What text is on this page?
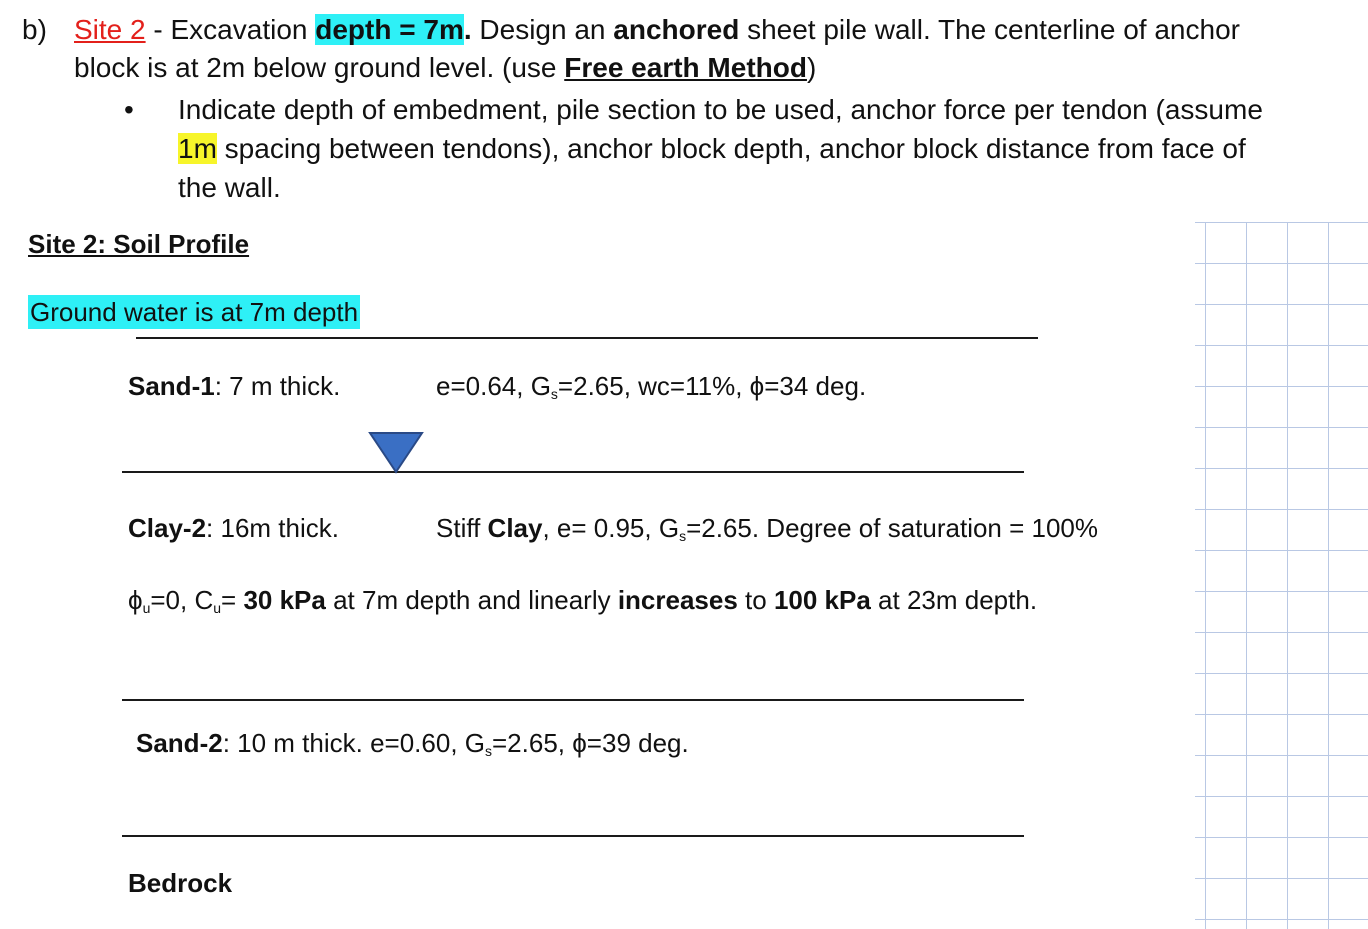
b) Site 2 - Excavation depth = 7m. Design an anchored sheet pile wall. The centerline of anchor
block is at 2m below ground level. (use Free earth Method)
• Indicate depth of embedment, pile section to be used, anchor force per tendon (assume
1m spacing between tendons), anchor block depth, anchor block distance from face of
the wall.
Site 2: Soil Profile
Ground water is at 7m depth
Sand-1: 7 m thick.	e=0.64, $G_s=2.65$, wc=11%, ϕ=34 deg.
Clay-2: 16m thick.	Stiff Clay, e= 0.95, $G_s=2.65$. Degree of saturation = 100%
$\phi_u=0$, $C_u= 30$ kPa at 7m depth and linearly increases to 100 kPa at 23m depth.
Sand-2: 10 m thick. e=0.60, $G_s=2.65$, ϕ=39 deg.
Bedrock
